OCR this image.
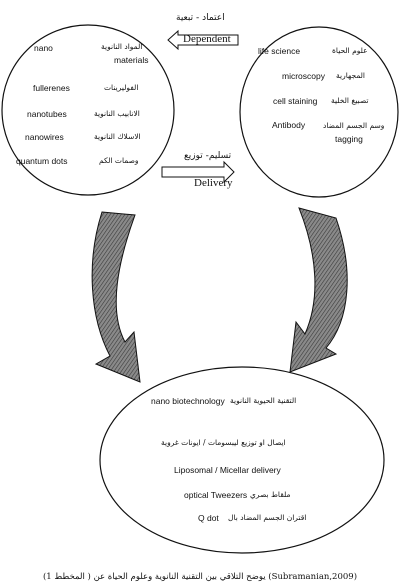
اعتماد - تبعية
Dependent
تسليم- توزيع
Delivery
nano	المواد النانوية
materials
fullerenes	الفوليرينات
nanotubes	الانابيب النانوية
nanowires	الاسلاك النانوية
quantum dots	وصمات الكم
life science	علوم الحياة
microscopy المجهارية
cell staining تصبيغ الخلية
Antibody وسم الجسم المضاد
tagging
nano biotechnology التقنية الحيوية النانوية
ايصال او توزيع ليبسومات / ايونات غروية
Liposomal / Micellar delivery
optical Tweezers ملقاط بصري
Q dot اقتران الجسم المضاد بال
(المخطط 1 ) يوضح التلاقي بين التقنية النانوية وعلوم الحياة عن (Subramanian,2009)
